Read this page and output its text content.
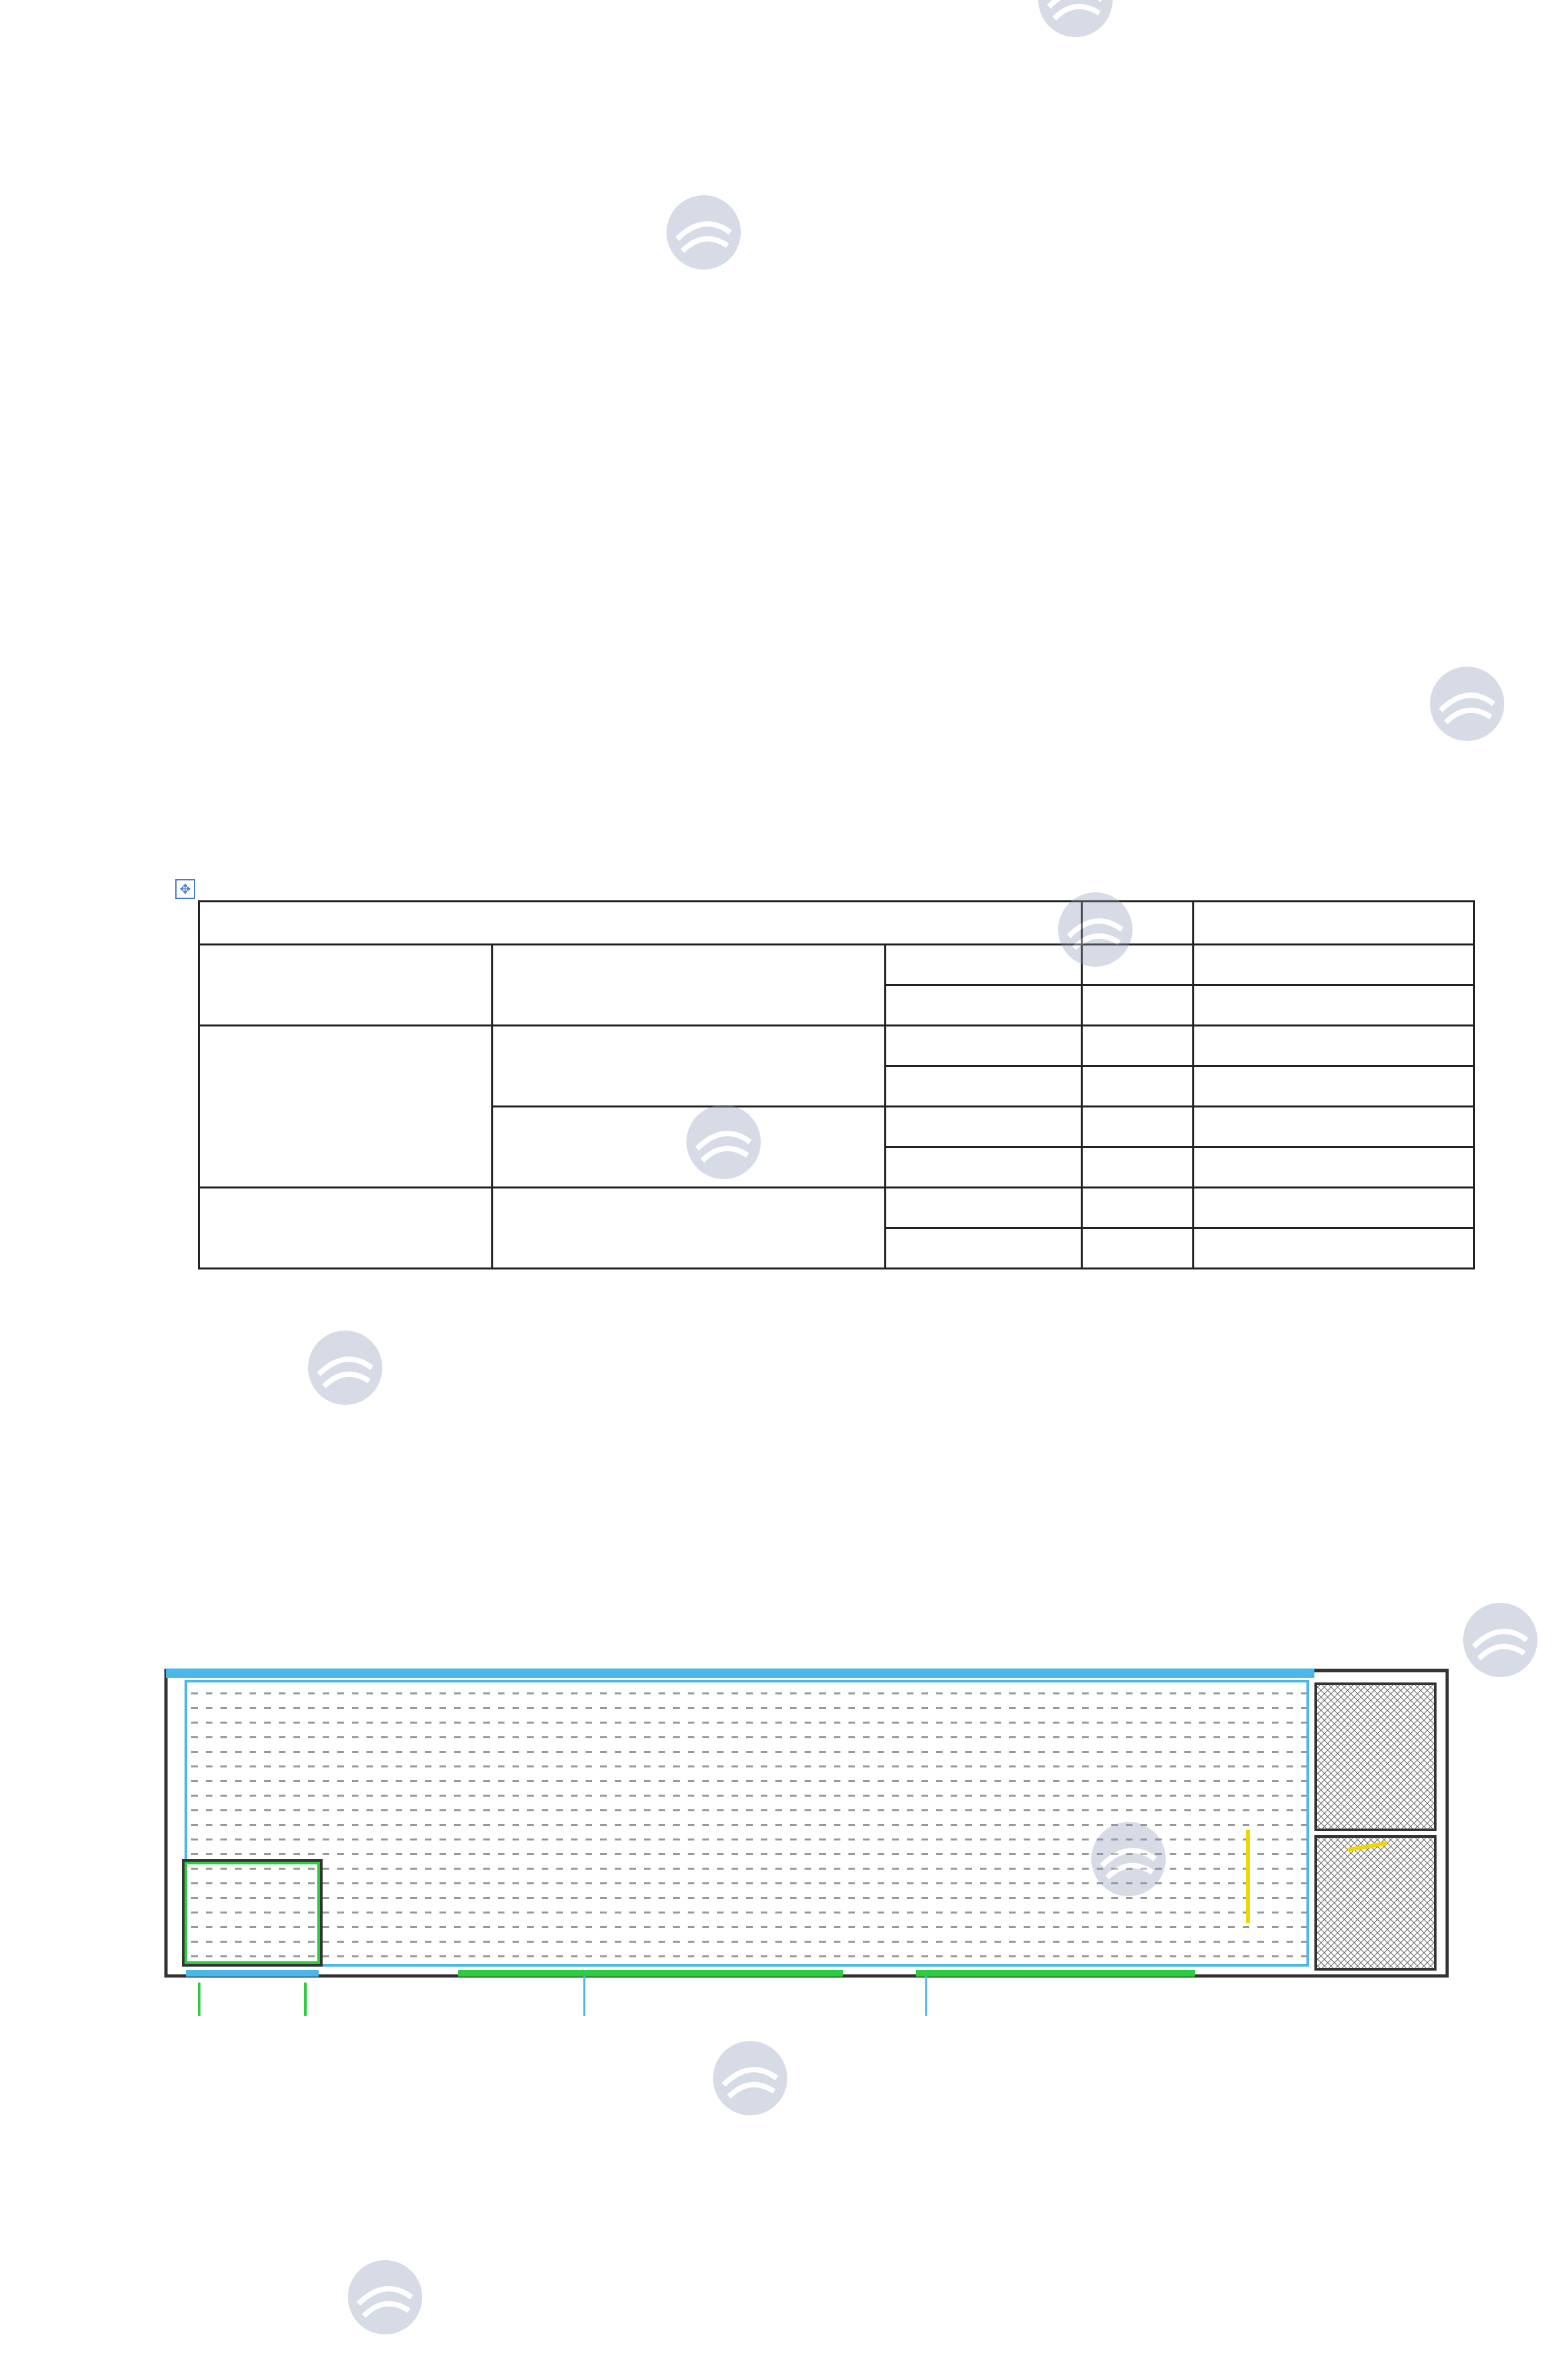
✥
